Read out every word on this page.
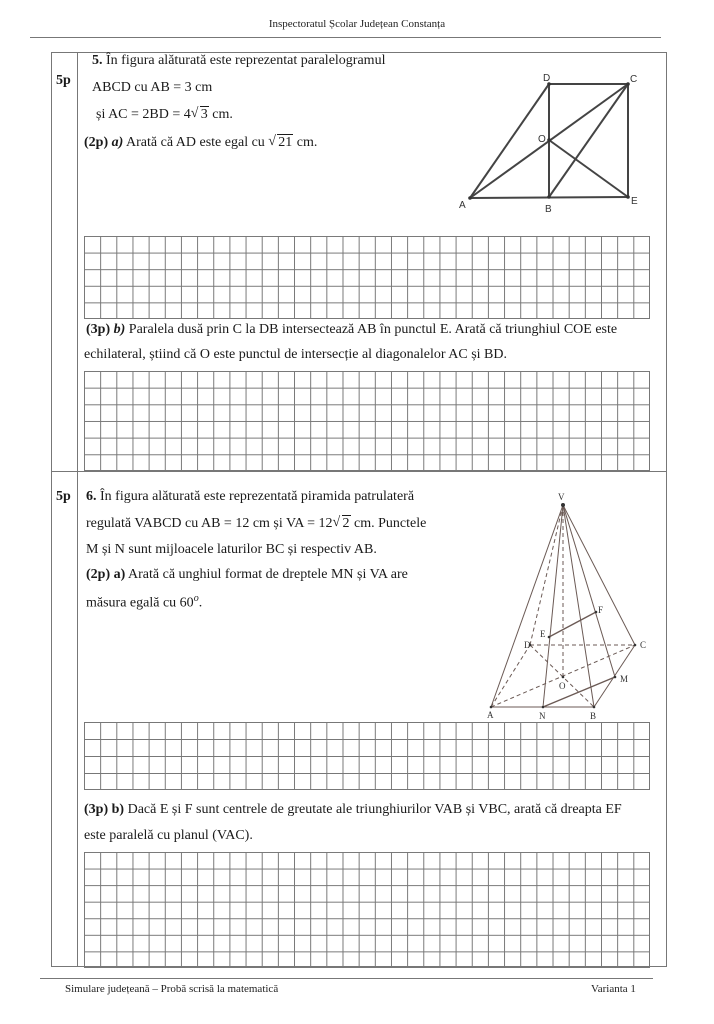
Inspectoratul Școlar Județean Constanța
5p
5. În figura alăturată este reprezentat paralelogramul
ABCD cu AB = 3 cm
și AC = 2BD = 4 √ 3 cm.
(2p) a) Arată că AD este egal cu √ 21 cm.
A	B
E
D	C
O
(3p) b) Paralela dusă prin C la DB intersectează AB în punctul E. Arată că triunghiul COE este
echilateral, știind că O este punctul de intersecție al diagonalelor AC și BD.
5p 6. În figura alăturată este reprezentată piramida patrulateră
regulată VABCD cu AB = 12 cm și VA = 12 √ 2 cm. Punctele
M și N sunt mijloacele laturilor BC și respectiv AB.
(2p) a) Arată că unghiul format de dreptele MN și VA are
măsura egală cu 60$^o$.
V
A	N	B
C
D
O
M
E
F
(3p) b) Dacă E și F sunt centrele de greutate ale triunghiurilor VAB și VBC, arată că dreapta EF
este paralelă cu planul (VAC).
Simulare județeană – Probă scrisă la matematică	Varianta 1
